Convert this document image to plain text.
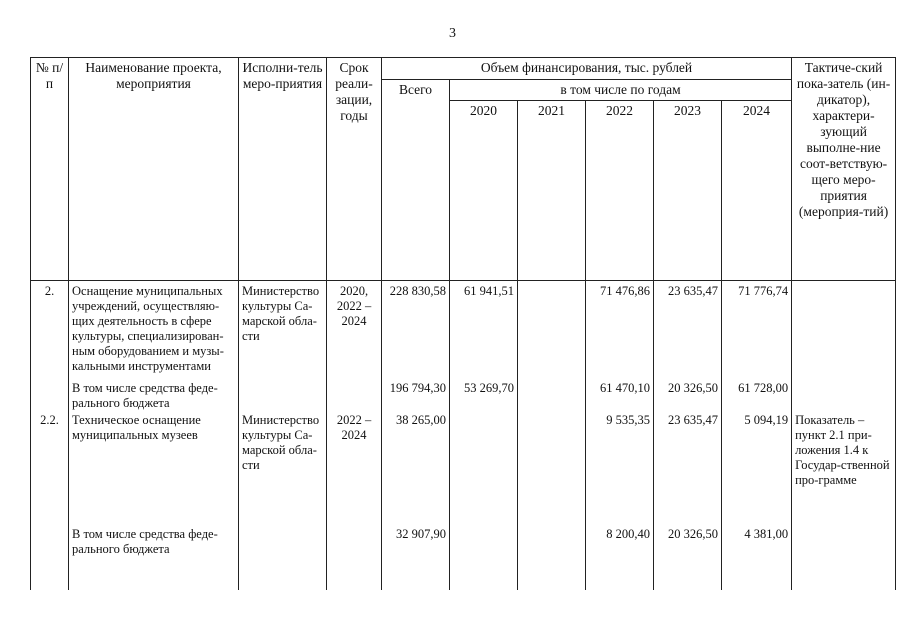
3
№ п/п	Наименование проекта, мероприятия	Исполни-тель меро-приятия	Срок реали-зации, годы	Объем финансирования, тыс. рублей						Тактиче-ский пока-затель (ин-дикатор), характери-зующий выполне-ние соот-ветствую-щего меро-приятия (мероприя-тий)
				Всего	в том числе по годам					
					2020	2021	2022	2023	2024	
2.	Оснащение муниципальных учреждений, осуществляю-щих деятельность в сфере культуры, специализирован-ным оборудованием и музы-кальными инструментами	Министерство культуры Са-марской обла-сти	2020, 2022 – 2024	228 830,58	61 941,51		71 476,86	23 635,47	71 776,74	
	В том числе средства феде-рального бюджета			196 794,30	53 269,70		61 470,10	20 326,50	61 728,00	
2.2.	Техническое оснащение муниципальных музеев	Министерство культуры Са-марской обла-сти	2022 – 2024	38 265,00			9 535,35	23 635,47	5 094,19	Показатель – пункт 2.1 при-ложения 1.4 к Государ-ственной про-грамме
	В том числе средства феде-рального бюджета			32 907,90			8 200,40	20 326,50	4 381,00	
